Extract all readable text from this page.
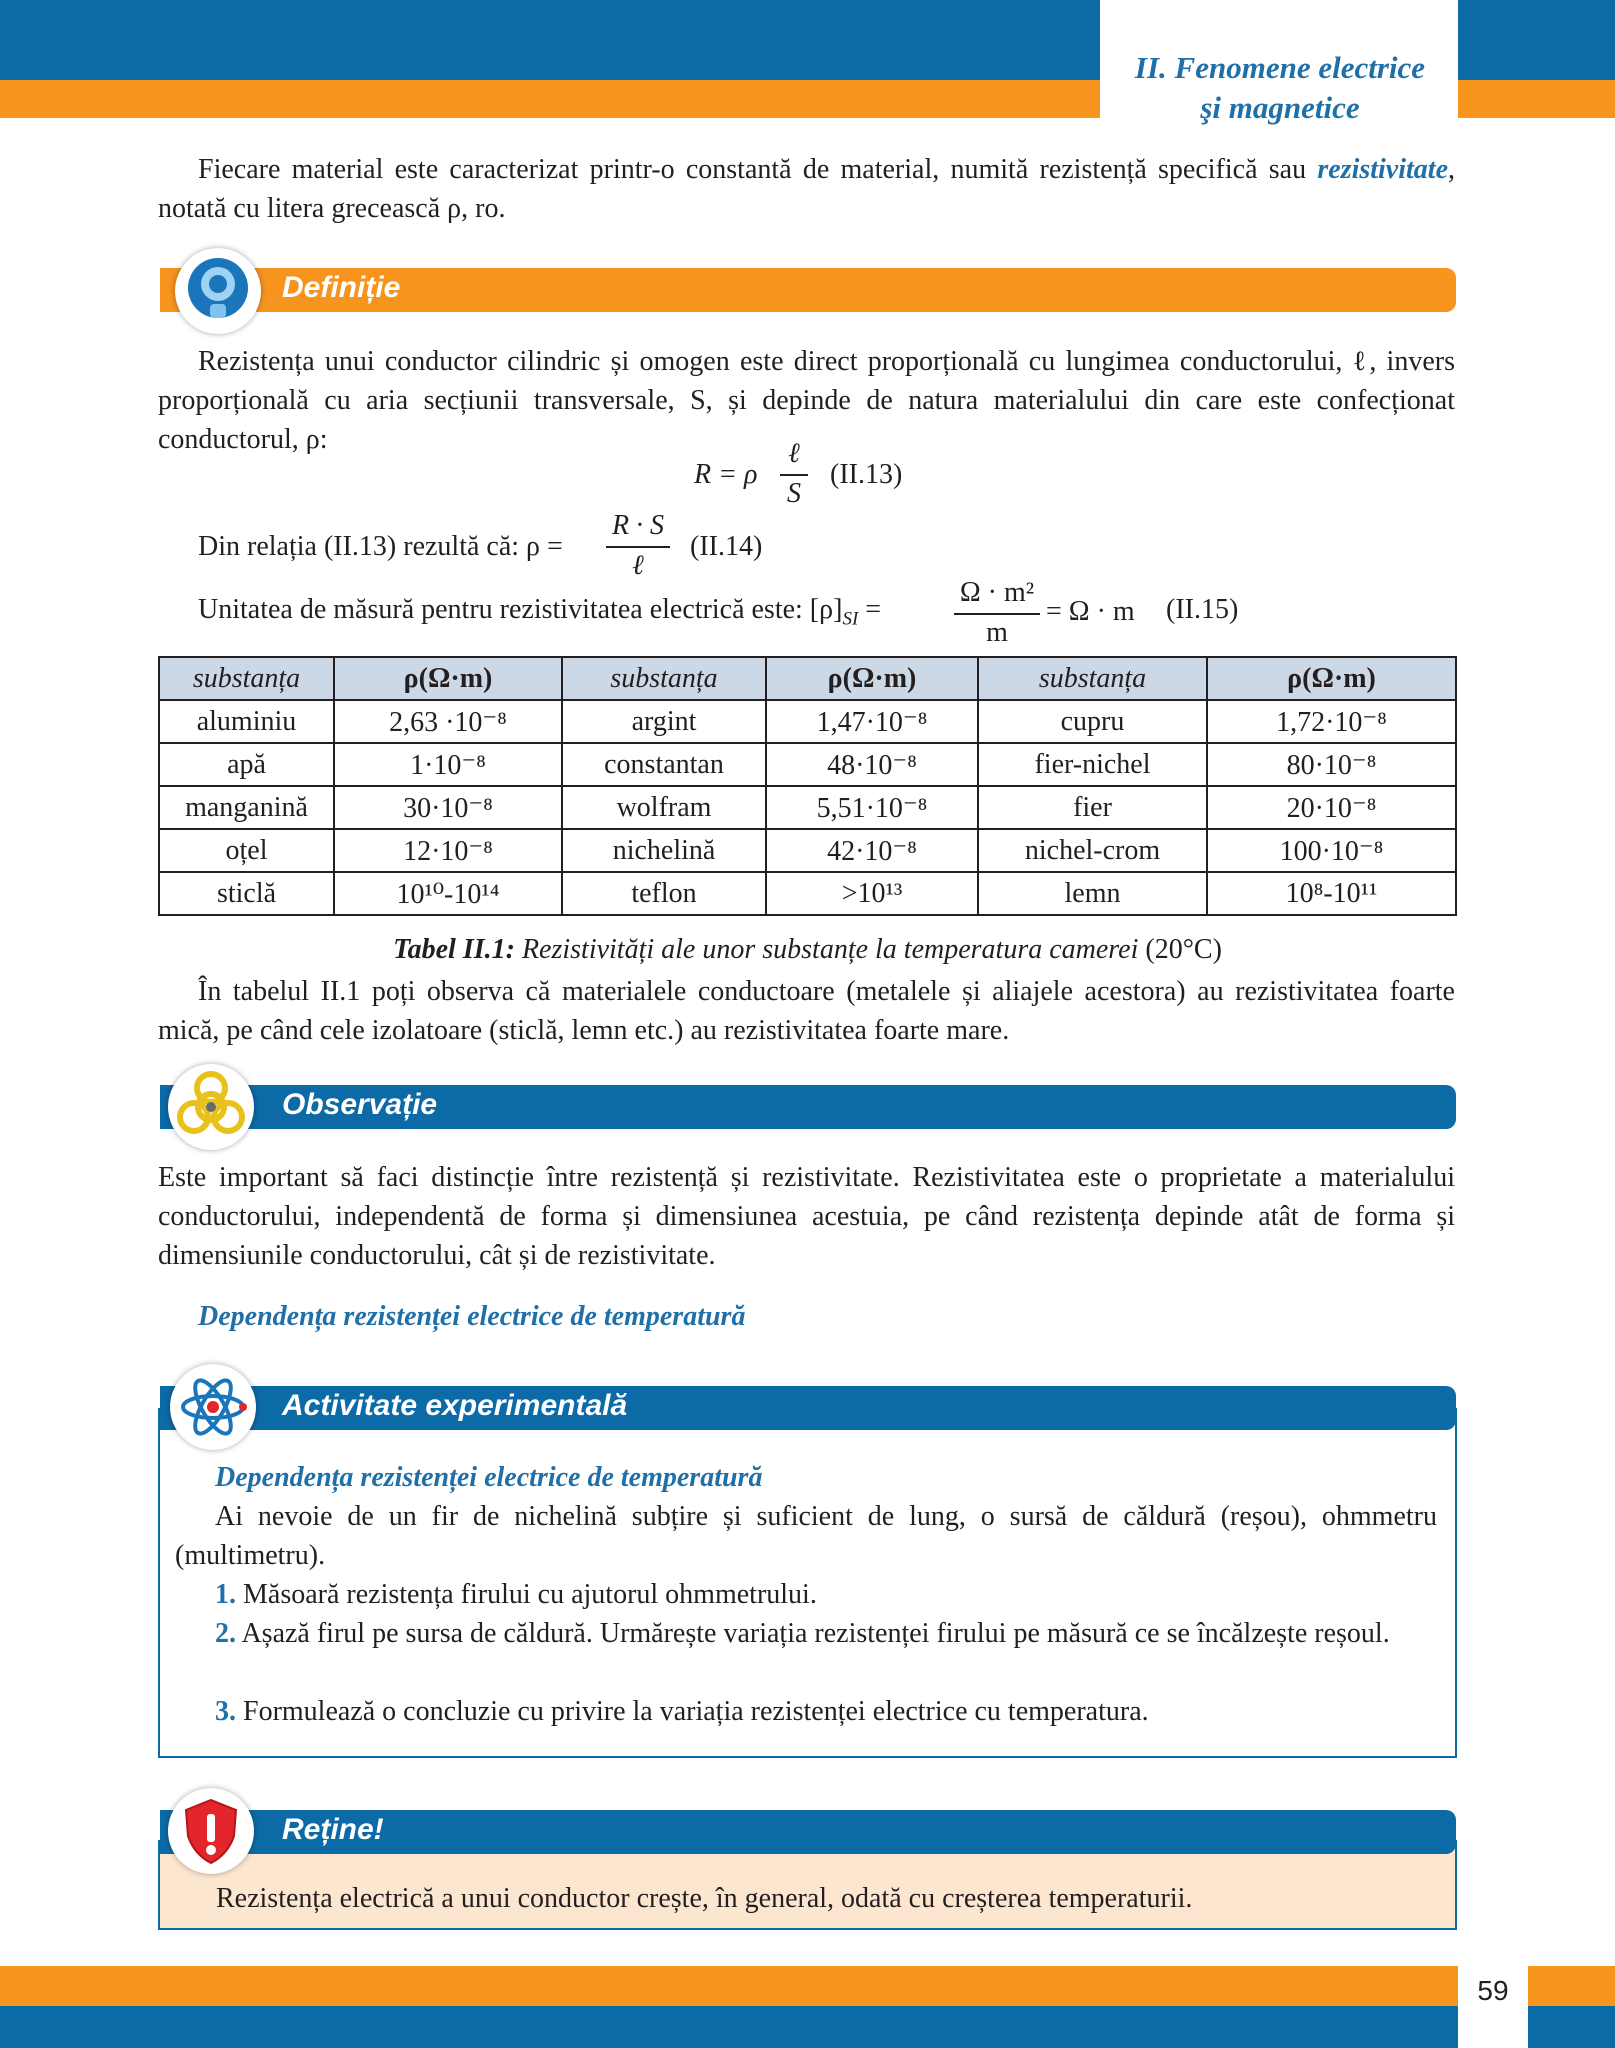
II. Fenomene electrice
şi magnetice

Fiecare material este caracterizat printr-o constantă de material, numită rezistență specifică sau rezistivitate, notată cu litera grecească ρ, ro.

Definiție

Rezistența unui conductor cilindric și omogen este direct proporțională cu lungimea conductorului, ℓ, invers proporțională cu aria secțiunii transversale, S, și depinde de natura materialului din care este confecționat conductorul, ρ:

R = ρ
ℓ
S
(II.13)
Din relația (II.13) rezultă că: ρ =
R · S
ℓ
(II.14)
Unitatea de măsură pentru rezistivitatea electrică este: $[\rho]_{SI}$ =
Ω · m²
m
= Ω · m (II.15)
substanța	ρ(Ω·m)	substanța	ρ(Ω·m)	substanța	ρ(Ω·m)
aluminiu	2,63 ·10⁻⁸	argint	1,47·10⁻⁸	cupru	1,72·10⁻⁸
apă	1·10⁻⁸	constantan	48·10⁻⁸	fier-nichel	80·10⁻⁸
manganină	30·10⁻⁸	wolfram	5,51·10⁻⁸	fier	20·10⁻⁸
oțel	12·10⁻⁸	nichelină	42·10⁻⁸	nichel-crom	100·10⁻⁸
sticlă	10¹⁰-10¹⁴	teflon	>10¹³	lemn	10⁸-10¹¹
Tabel II.1: Rezistivități ale unor substanțe la temperatura camerei (20°C)

În tabelul II.1 poți observa că materialele conductoare (metalele și aliajele acestora) au rezistivitatea foarte mică, pe când cele izolatoare (sticlă, lemn etc.) au rezistivitatea foarte mare.

Observație

Este important să faci distincție între rezistență și rezistivitate. Rezistivitatea este o proprietate a materialului conductorului, independentă de forma și dimensiunea acestuia, pe când rezistența depinde atât de forma și dimensiunile conductorului, cât și de rezistivitate.

Dependența rezistenței electrice de temperatură
Activitate experimentală
Dependența rezistenței electrice de temperatură

Ai nevoie de un fir de nichelină subțire și suficient de lung, o sursă de căldură (reșou), ohmmetru (multimetru).

1. Măsoară rezistența firului cu ajutorul ohmmetrului.

2. Așază firul pe sursa de căldură. Urmărește variația rezistenței firului pe măsură ce se încălzește reșoul.

3. Formulează o concluzie cu privire la variația rezistenței electrice cu temperatura.

Reține!

Rezistența electrică a unui conductor crește, în general, odată cu creșterea temperaturii.

59
